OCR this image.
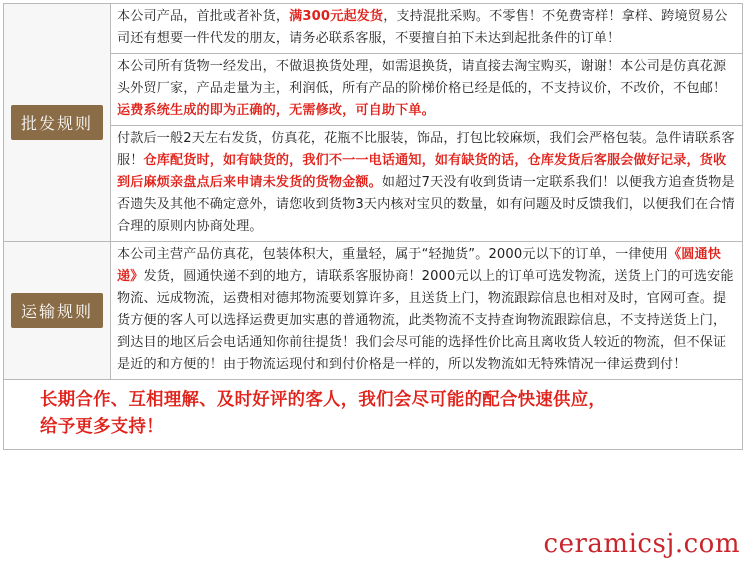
批发规则
本公司产品，首批或者补货，满300元起发货，支持混批采购。不零售！不免费寄样！拿样、跨境贸易公司还有想要一件代发的朋友，请务必联系客服，不要擅自拍下未达到起批条件的订单！
本公司所有货物一经发出，不做退换货处理，如需退换货，请直接去淘宝购买，谢谢！本公司是仿真花源头外贸厂家，产品走量为主，利润低，所有产品的阶梯价格已经是低的，不支持议价，不改价，不包邮！运费系统生成的即为正确的，无需修改，可自助下单。
付款后一般2天左右发货，仿真花，花瓶不比服装，饰品，打包比较麻烦，我们会严格包装。急件请联系客服！仓库配货时，如有缺货的，我们不一一电话通知，如有缺货的话，仓库发货后客服会做好记录，货收到后麻烦亲盘点后来申请未发货的货物金额。如超过7天没有收到货请一定联系我们！以便我方追查货物是否遗失及其他不确定意外，请您收到货物3天内核对宝贝的数量，如有问题及时反馈我们，以便我们在合情合理的原则内协商处理。
运输规则
本公司主营产品仿真花，包装体积大，重量轻，属于“轻抛货”。2000元以下的订单，一律使用《圆通快递》发货，圆通快递不到的地方，请联系客服协商！2000元以上的订单可选发物流，送货上门的可选安能物流、远成物流，运费相对德邦物流要划算许多，且送货上门，物流跟踪信息也相对及时，官网可查。提货方便的客人可以选择运费更加实惠的普通物流，此类物流不支持查询物流跟踪信息，不支持送货上门，到达目的地区后会电话通知你前往提货！我们会尽可能的选择性价比高且离收货人较近的物流，但不保证是近的和方便的！由于物流运现付和到付价格是一样的，所以发物流如无特殊情况一律运费到付！
长期合作、互相理解、及时好评的客人，我们会尽可能的配合快速供应，
给予更多支持！
ceramicsj.com
